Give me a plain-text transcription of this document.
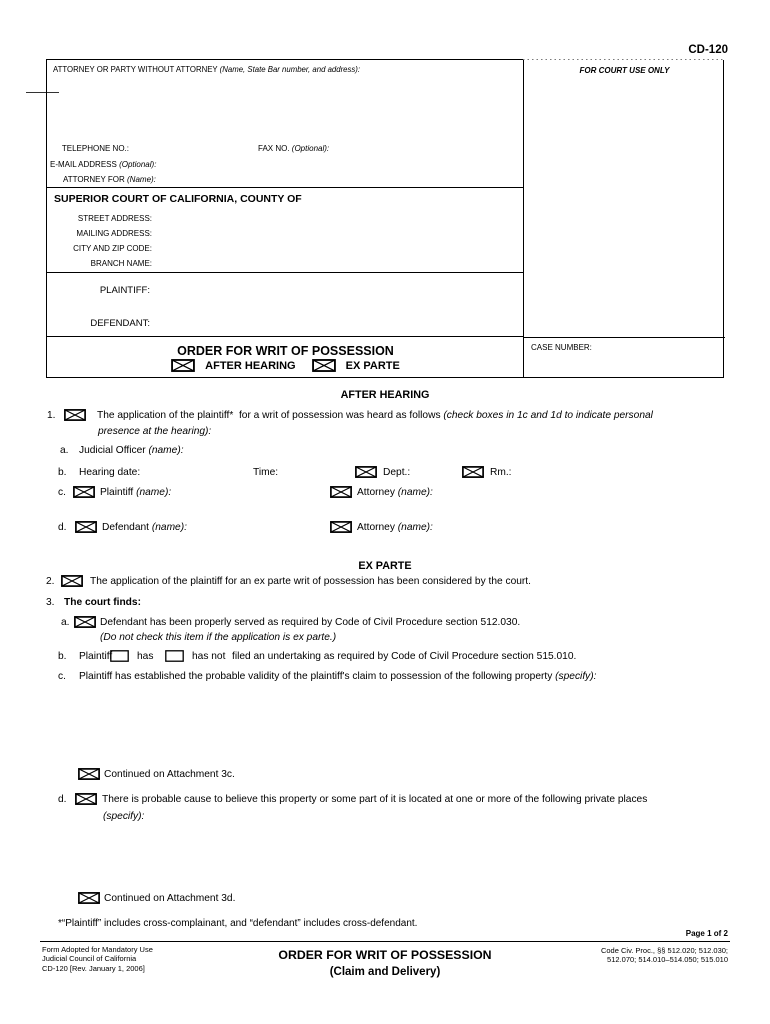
CD-120
ATTORNEY OR PARTY WITHOUT ATTORNEY (Name, State Bar number, and address):
TELEPHONE NO.:	FAX NO. (Optional):
E-MAIL ADDRESS (Optional):
ATTORNEY FOR (Name):
SUPERIOR COURT OF CALIFORNIA, COUNTY OF
STREET ADDRESS:
MAILING ADDRESS:
CITY AND ZIP CODE:
BRANCH NAME:
PLAINTIFF:
DEFENDANT:
ORDER FOR WRIT OF POSSESSION
AFTER HEARING	EX PARTE
FOR COURT USE ONLY
CASE NUMBER:
AFTER HEARING
1.	The application of the plaintiff*  for a writ of possession was heard as follows (check boxes in 1c and 1d to indicate personal
presence at the hearing):
a. Judicial Officer (name):
b. Hearing date:	Time:	Dept.:	Rm.:
c.	Plaintiff (name):	Attorney (name):
d.	Defendant (name):	Attorney (name):
EX PARTE
2.	The application of the plaintiff for an ex parte writ of possession has been considered by the court.
3. The court finds:
a.	Defendant has been properly served as required by Code of Civil Procedure section 512.030.
(Do not check this item if the application is ex parte.)
b. Plaintiff has	has not filed an undertaking as required by Code of Civil Procedure section 515.010.
c. Plaintiff has established the probable validity of the plaintiff's claim to possession of the following property (specify):
Continued on Attachment 3c.
d.	There is probable cause to believe this property or some part of it is located at one or more of the following private places
(specify):
Continued on Attachment 3d.
*“Plaintiff” includes cross-complainant, and “defendant” includes cross-defendant.
Page 1 of 2
Form Adopted for Mandatory Use
Judicial Council of California
CD-120 [Rev. January 1, 2006]
ORDER FOR WRIT OF POSSESSION
(Claim and Delivery)
Code Civ. Proc., §§ 512.020; 512.030;
512.070; 514.010–514.050; 515.010
